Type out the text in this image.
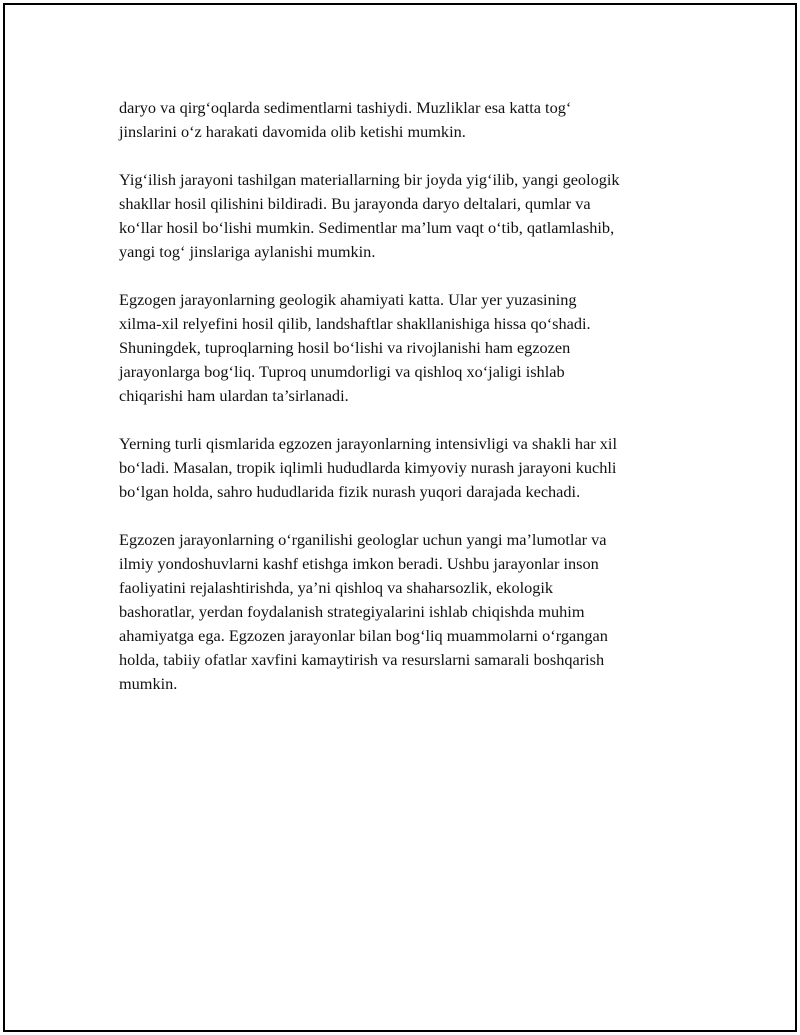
daryo va qirg‘oqlarda sedimentlarni tashiydi. Muzliklar esa katta tog‘
jinslarini o‘z harakati davomida olib ketishi mumkin.

Yig‘ilish jarayoni tashilgan materiallarning bir joyda yig‘ilib, yangi geologik
shakllar hosil qilishini bildiradi. Bu jarayonda daryo deltalari, qumlar va
ko‘llar hosil bo‘lishi mumkin. Sedimentlar ma’lum vaqt o‘tib, qatlamlashib,
yangi tog‘ jinslariga aylanishi mumkin.

Egzogen jarayonlarning geologik ahamiyati katta. Ular yer yuzasining
xilma-xil relyefini hosil qilib, landshaftlar shakllanishiga hissa qo‘shadi.
Shuningdek, tuproqlarning hosil bo‘lishi va rivojlanishi ham egzozen
jarayonlarga bog‘liq. Tuproq unumdorligi va qishloq xo‘jaligi ishlab
chiqarishi ham ulardan ta’sirlanadi.

Yerning turli qismlarida egzozen jarayonlarning intensivligi va shakli har xil
bo‘ladi. Masalan, tropik iqlimli hududlarda kimyoviy nurash jarayoni kuchli
bo‘lgan holda, sahro hududlarida fizik nurash yuqori darajada kechadi.

Egzozen jarayonlarning o‘rganilishi geologlar uchun yangi ma’lumotlar va
ilmiy yondoshuvlarni kashf etishga imkon beradi. Ushbu jarayonlar inson
faoliyatini rejalashtirishda, ya’ni qishloq va shaharsozlik, ekologik
bashoratlar, yerdan foydalanish strategiyalarini ishlab chiqishda muhim
ahamiyatga ega. Egzozen jarayonlar bilan bog‘liq muammolarni o‘rgangan
holda, tabiiy ofatlar xavfini kamaytirish va resurslarni samarali boshqarish
mumkin.
